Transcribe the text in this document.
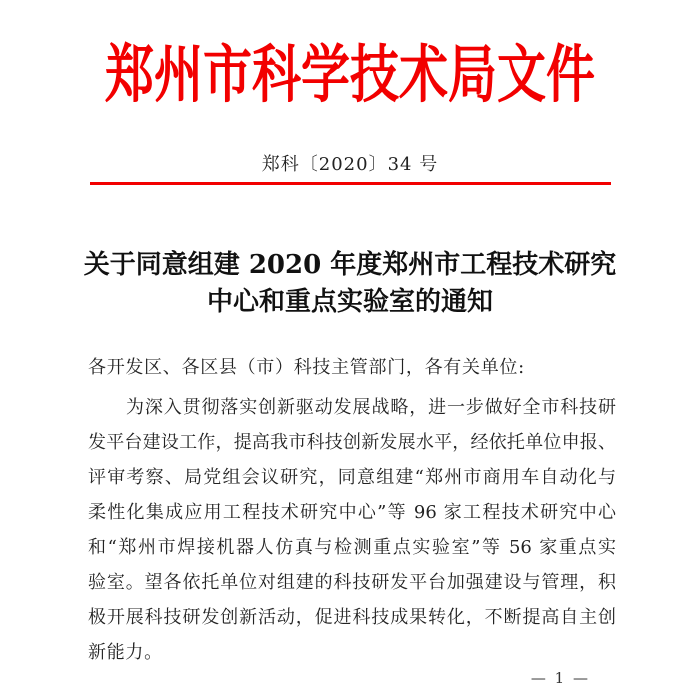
郑州市科学技术局文件
郑科〔2020〕34 号
关于同意组建 2020 年度郑州市工程技术研究
中心和重点实验室的通知
各开发区、各区县（市）科技主管部门，各有关单位:
为深入贯彻落实创新驱动发展战略，进一步做好全市科技研
发平台建设工作，提高我市科技创新发展水平，经依托单位申报、
评审考察、局党组会议研究，同意组建“郑州市商用车自动化与
柔性化集成应用工程技术研究中心”等 96 家工程技术研究中心
和“郑州市焊接机器人仿真与检测重点实验室”等 56 家重点实
验室。望各依托单位对组建的科技研发平台加强建设与管理，积
极开展科技研发创新活动，促进科技成果转化，不断提高自主创
新能力。
— 1 —
